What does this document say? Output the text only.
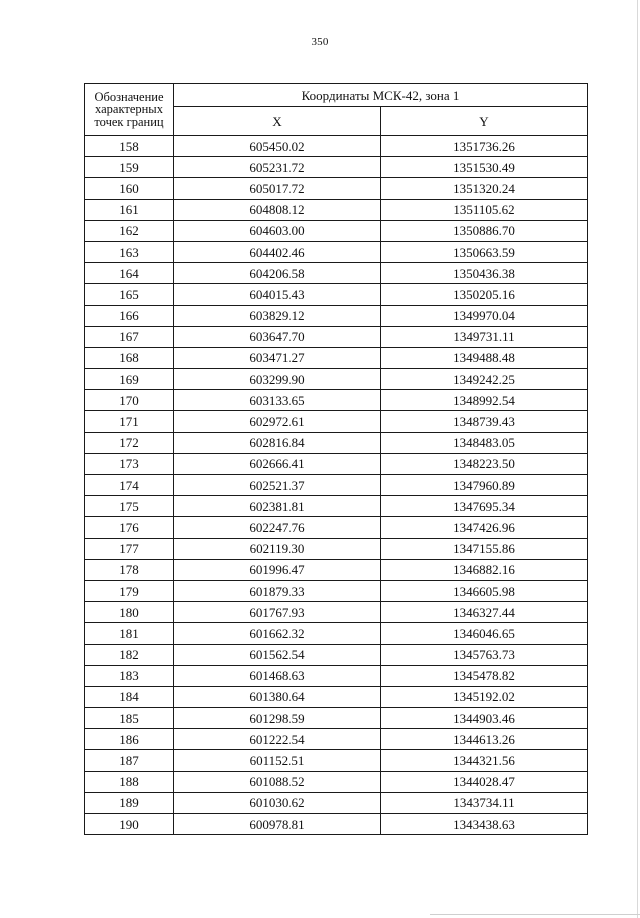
350
Обозначение
характерных
точек границ	Координаты МСК-42, зона 1	
	X	Y
158	605450.02	1351736.26
159	605231.72	1351530.49
160	605017.72	1351320.24
161	604808.12	1351105.62
162	604603.00	1350886.70
163	604402.46	1350663.59
164	604206.58	1350436.38
165	604015.43	1350205.16
166	603829.12	1349970.04
167	603647.70	1349731.11
168	603471.27	1349488.48
169	603299.90	1349242.25
170	603133.65	1348992.54
171	602972.61	1348739.43
172	602816.84	1348483.05
173	602666.41	1348223.50
174	602521.37	1347960.89
175	602381.81	1347695.34
176	602247.76	1347426.96
177	602119.30	1347155.86
178	601996.47	1346882.16
179	601879.33	1346605.98
180	601767.93	1346327.44
181	601662.32	1346046.65
182	601562.54	1345763.73
183	601468.63	1345478.82
184	601380.64	1345192.02
185	601298.59	1344903.46
186	601222.54	1344613.26
187	601152.51	1344321.56
188	601088.52	1344028.47
189	601030.62	1343734.11
190	600978.81	1343438.63
